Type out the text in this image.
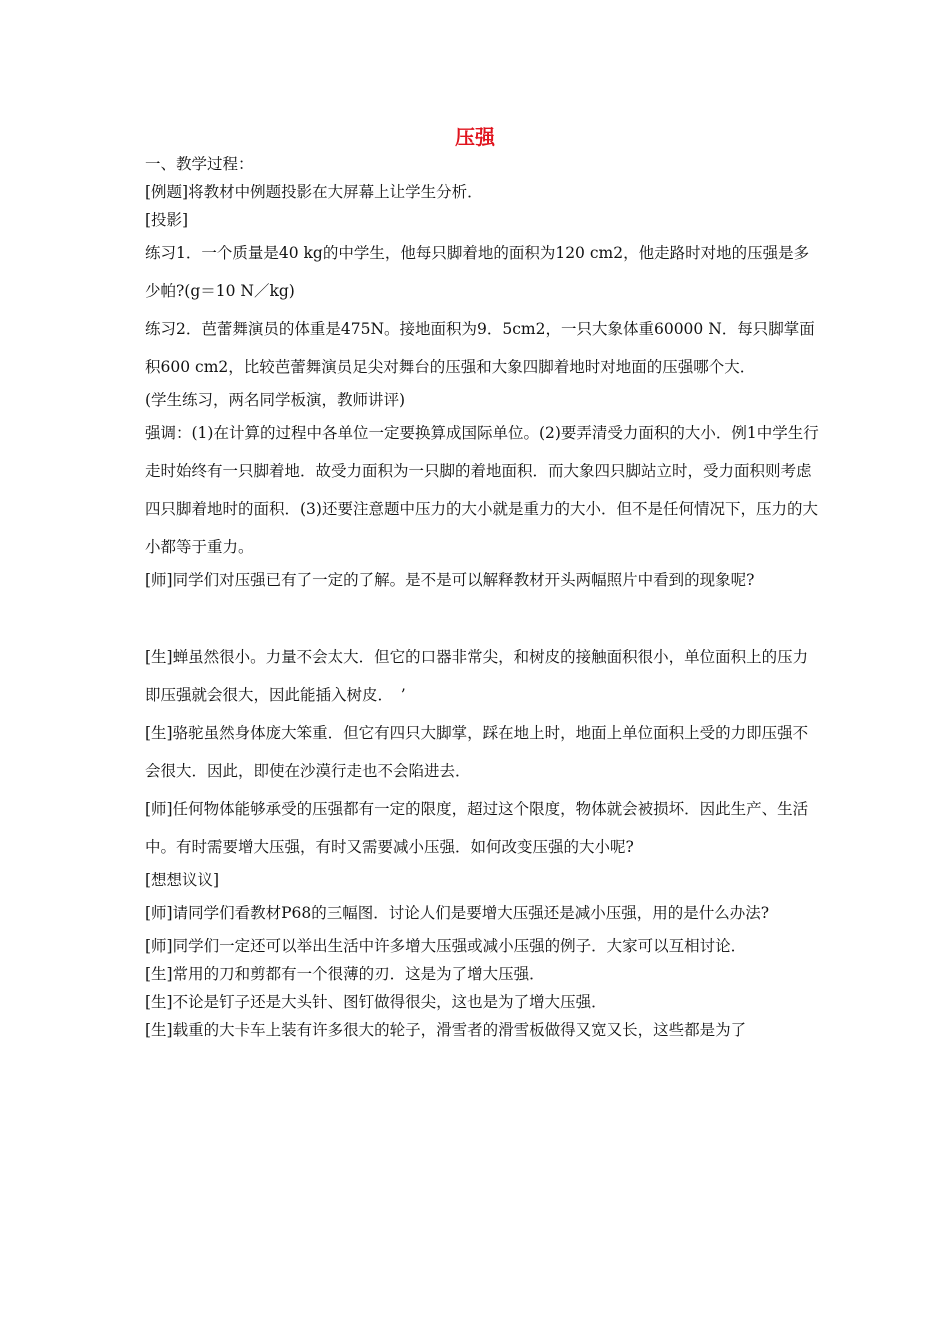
压强

一、教学过程：

[例题]将教材中例题投影在大屏幕上让学生分析．

[投影]

练习1．一个质量是40 kg的中学生，他每只脚着地的面积为120 cm2，他走路时对地的压强是多少帕?(g＝10 N／kg)

练习2．芭蕾舞演员的体重是475N。接地面积为9．5cm2，一只大象体重60000 N．每只脚掌面积600 cm2，比较芭蕾舞演员足尖对舞台的压强和大象四脚着地时对地面的压强哪个大．

(学生练习，两名同学板演，教师讲评)

强调：(1)在计算的过程中各单位一定要换算成国际单位。(2)要弄清受力面积的大小．例1中学生行走时始终有一只脚着地．故受力面积为一只脚的着地面积．而大象四只脚站立时，受力面积则考虑四只脚着地时的面积．(3)还要注意题中压力的大小就是重力的大小．但不是任何情况下，压力的大小都等于重力。

[师]同学们对压强已有了一定的了解。是不是可以解释教材开头两幅照片中看到的现象呢?

[生]蝉虽然很小。力量不会太大．但它的口器非常尖，和树皮的接触面积很小，单位面积上的压力即压强就会很大，因此能插入树皮．　’

[生]骆驼虽然身体庞大笨重．但它有四只大脚掌，踩在地上时，地面上单位面积上受的力即压强不会很大．因此，即使在沙漠行走也不会陷进去．

[师]任何物体能够承受的压强都有一定的限度，超过这个限度，物体就会被损坏．因此生产、生活中。有时需要增大压强，有时又需要减小压强．如何改变压强的大小呢?

[想想议议]

[师]请同学们看教材P68的三幅图．讨论人们是要增大压强还是减小压强，用的是什么办法?

[师]同学们一定还可以举出生活中许多增大压强或减小压强的例子．大家可以互相讨论．

[生]常用的刀和剪都有一个很薄的刃．这是为了增大压强．

[生]不论是钉子还是大头针、图钉做得很尖，这也是为了增大压强．

[生]载重的大卡车上装有许多很大的轮子，滑雪者的滑雪板做得又宽又长，这些都是为了
